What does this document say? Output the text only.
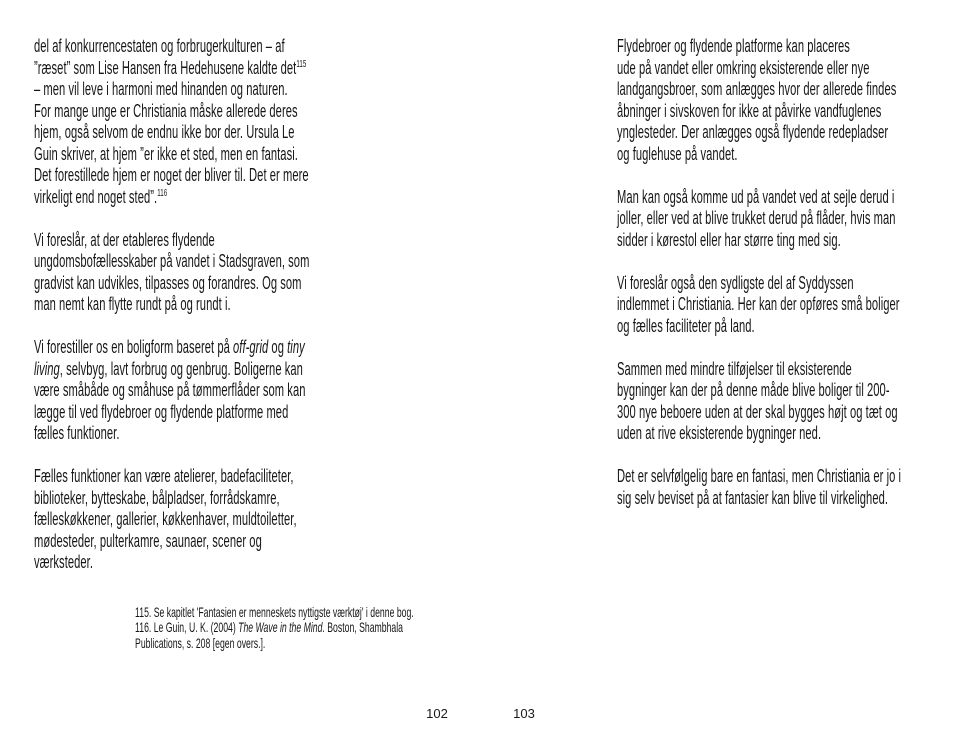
del af konkurrencestaten og forbrugerkulturen – af
”ræset” som Lise Hansen fra Hedehusene kaldte $\det^{115}$
– men vil leve i harmoni med hinanden og naturen.
For mange unge er Christiania måske allerede deres
hjem, også selvom de endnu ikke bor der. Ursula Le
Guin skriver, at hjem ”er ikke et sted, men en fantasi.
Det forestillede hjem er noget der bliver til. Det er mere
virkeligt end noget sted”.$^{116}$
Vi foreslår, at der etableres flydende
ungdomsbofællesskaber på vandet i Stadsgraven, som
gradvist kan udvikles, tilpasses og forandres. Og som
man nemt kan flytte rundt på og rundt i.
Vi forestiller os en boligform baseret på off-grid og tiny
living, selvbyg, lavt forbrug og genbrug. Boligerne kan
være småbåde og småhuse på tømmerflåder som kan
lægge til ved flydebroer og flydende platforme med
fælles funktioner.
Fælles funktioner kan være atelierer, badefaciliteter,
biblioteker, bytteskabe, bålpladser, forrådskamre,
fælleskøkkener, gallerier, køkkenhaver, muldtoiletter,
mødesteder, pulterkamre, saunaer, scener og
værksteder.
115. Se kapitlet 'Fantasien er menneskets nyttigste værktøj' i denne bog.
116. Le Guin, U. K. (2004) The Wave in the Mind. Boston, Shambhala
Publications, s. 208 [egen overs.].
Flydebroer og flydende platforme kan placeres
ude på vandet eller omkring eksisterende eller nye
landgangsbroer, som anlægges hvor der allerede findes
åbninger i sivskoven for ikke at påvirke vandfuglenes
ynglesteder. Der anlægges også flydende redepladser
og fuglehuse på vandet.
Man kan også komme ud på vandet ved at sejle derud i
joller, eller ved at blive trukket derud på flåder, hvis man
sidder i kørestol eller har større ting med sig.
Vi foreslår også den sydligste del af Syddyssen
indlemmet i Christiania. Her kan der opføres små boliger
og fælles faciliteter på land.
Sammen med mindre tilføjelser til eksisterende
bygninger kan der på denne måde blive boliger til 200-
300 nye beboere uden at der skal bygges højt og tæt og
uden at rive eksisterende bygninger ned.
Det er selvfølgelig bare en fantasi, men Christiania er jo i
sig selv beviset på at fantasier kan blive til virkelighed.
102	103
